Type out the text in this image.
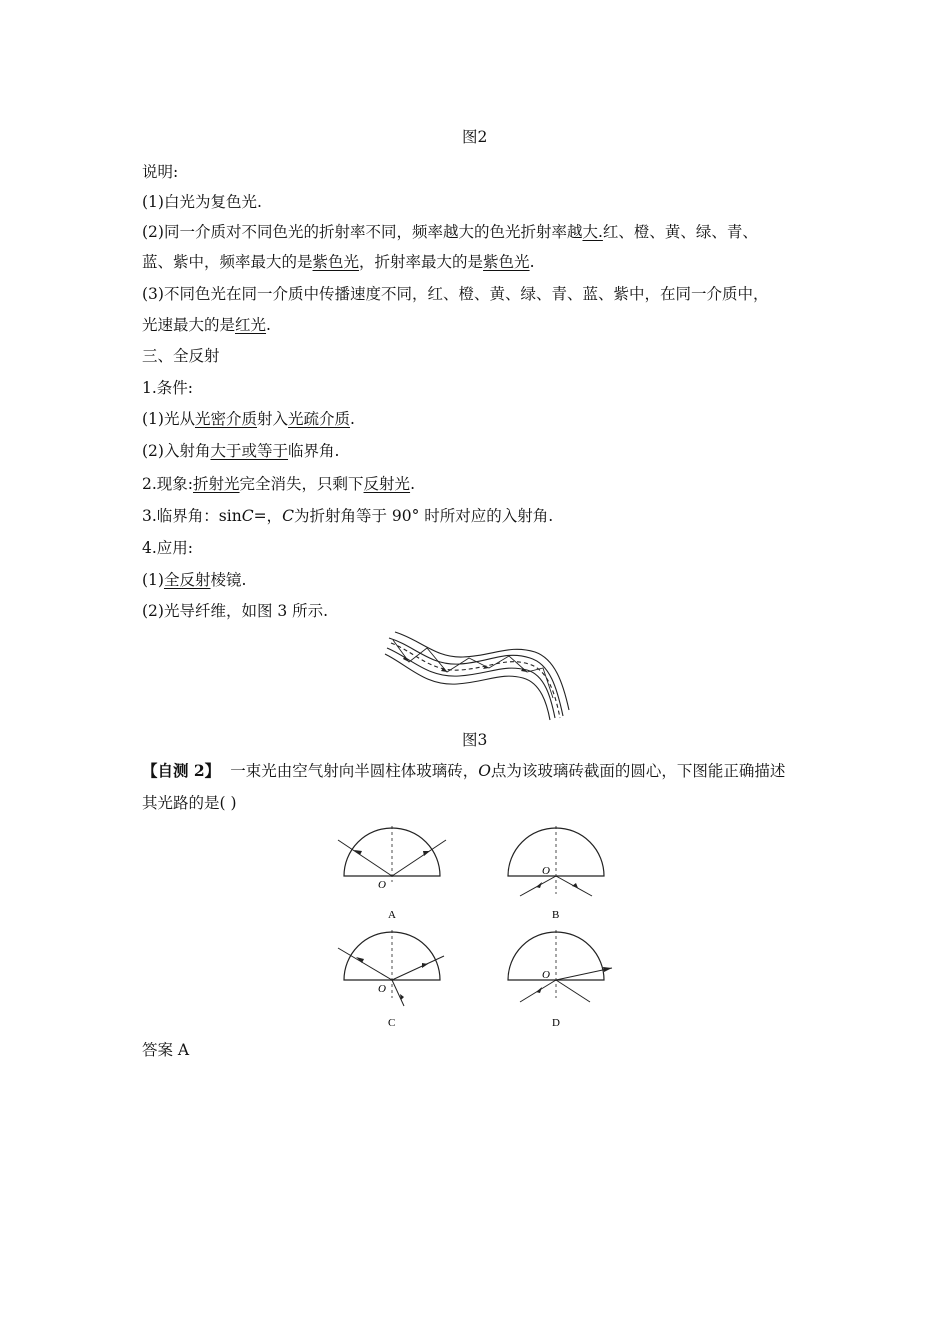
图2
说明:
(1)白光为复色光.
(2)同一介质对不同色光的折射率不同，频率越大的色光折射率越大.红、橙、黄、绿、青、
蓝、紫中，频率最大的是紫色光，折射率最大的是紫色光.
(3)不同色光在同一介质中传播速度不同，红、橙、黄、绿、青、蓝、紫中，在同一介质中，
光速最大的是红光.
三、全反射
1.条件:
(1)光从光密介质射入光疏介质.
(2)入射角大于或等于临界角.
2.现象:折射光完全消失，只剩下反射光.
3.临界角：sinC=，C为折射角等于 90° 时所对应的入射角.
4.应用:
(1)全反射棱镜.
(2)光导纤维，如图 3 所示.
图3
【自测 2】 一束光由空气射向半圆柱体玻璃砖，O点为该玻璃砖截面的圆心，下图能正确描述
其光路的是( )
O
A
O
B
O
C
O
D
答案 A
